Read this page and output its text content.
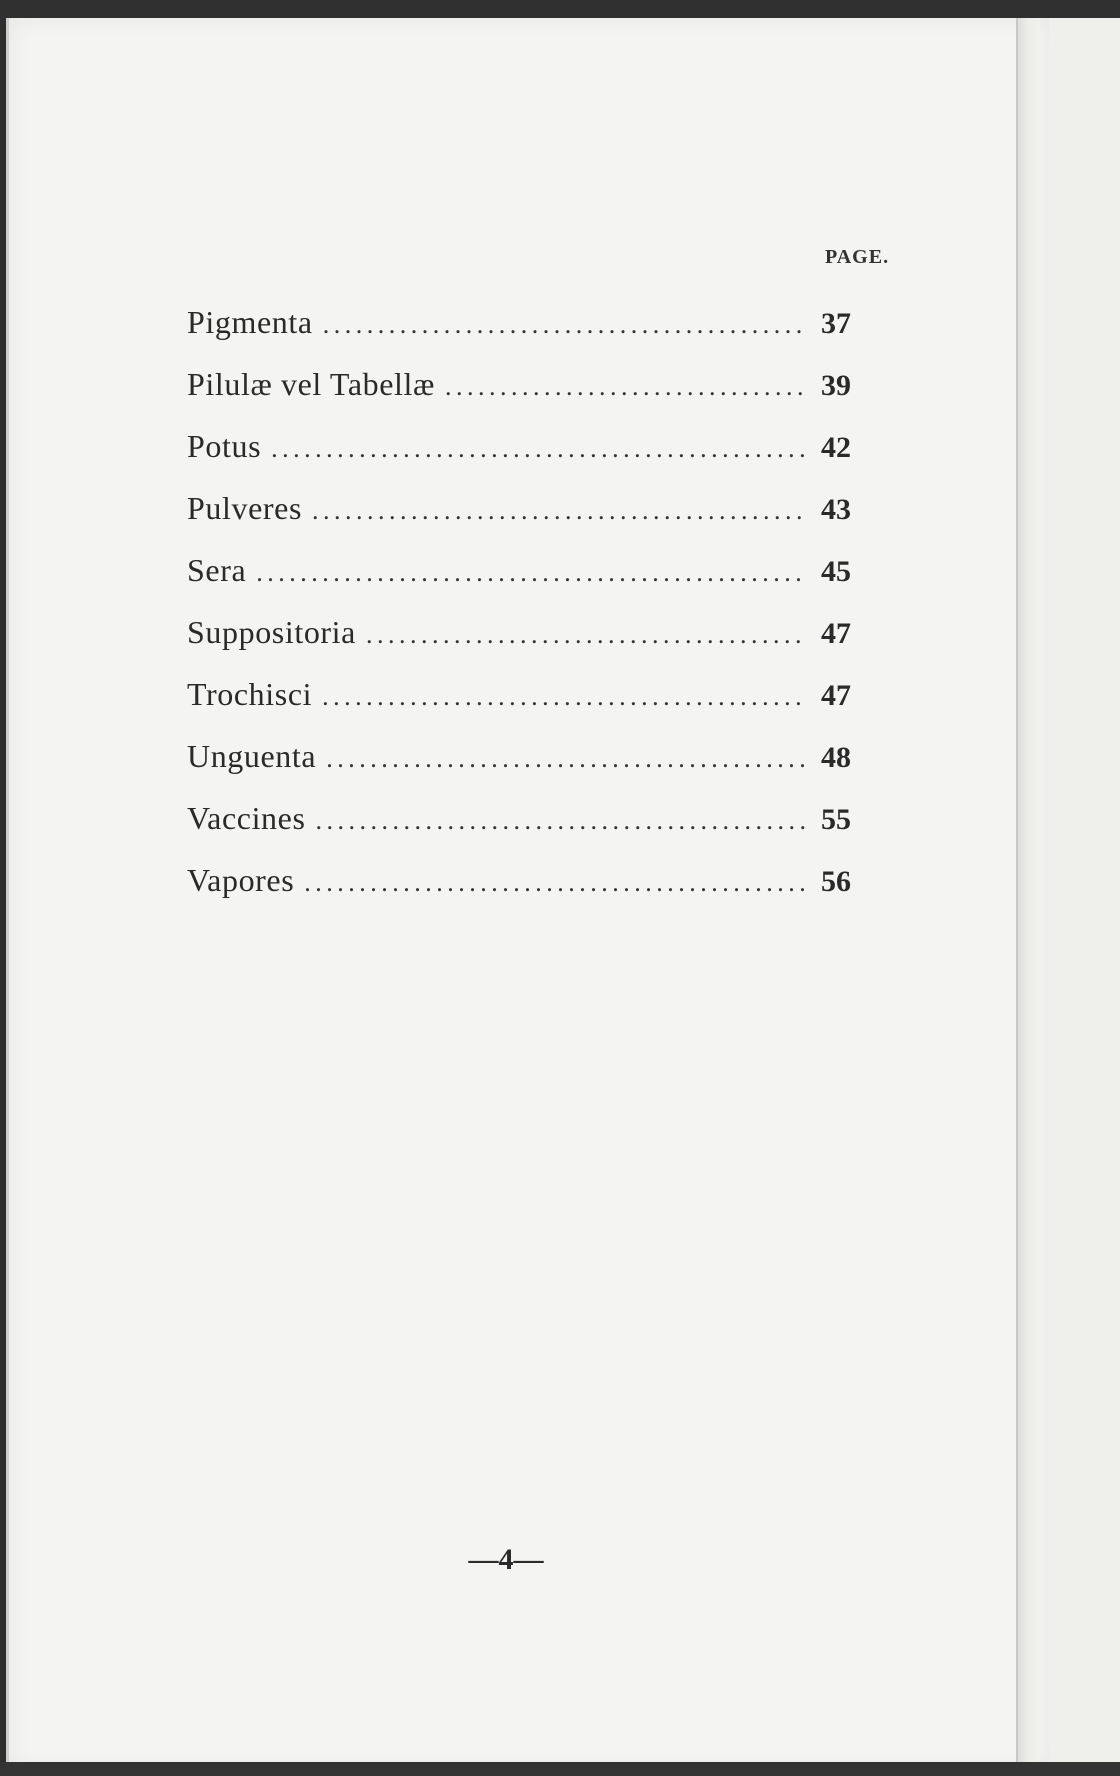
PAGE.
Pigmenta . . .	37
Pilulæ vel Tabellæ . . .	39
Potus . . .	42
Pulveres . . .	43
Sera . . .	45
Suppositoria . . .	47
Trochisci . . .	47
Unguenta . . .	48
Vaccines . . .	55
Vapores . . .	56
—4—
